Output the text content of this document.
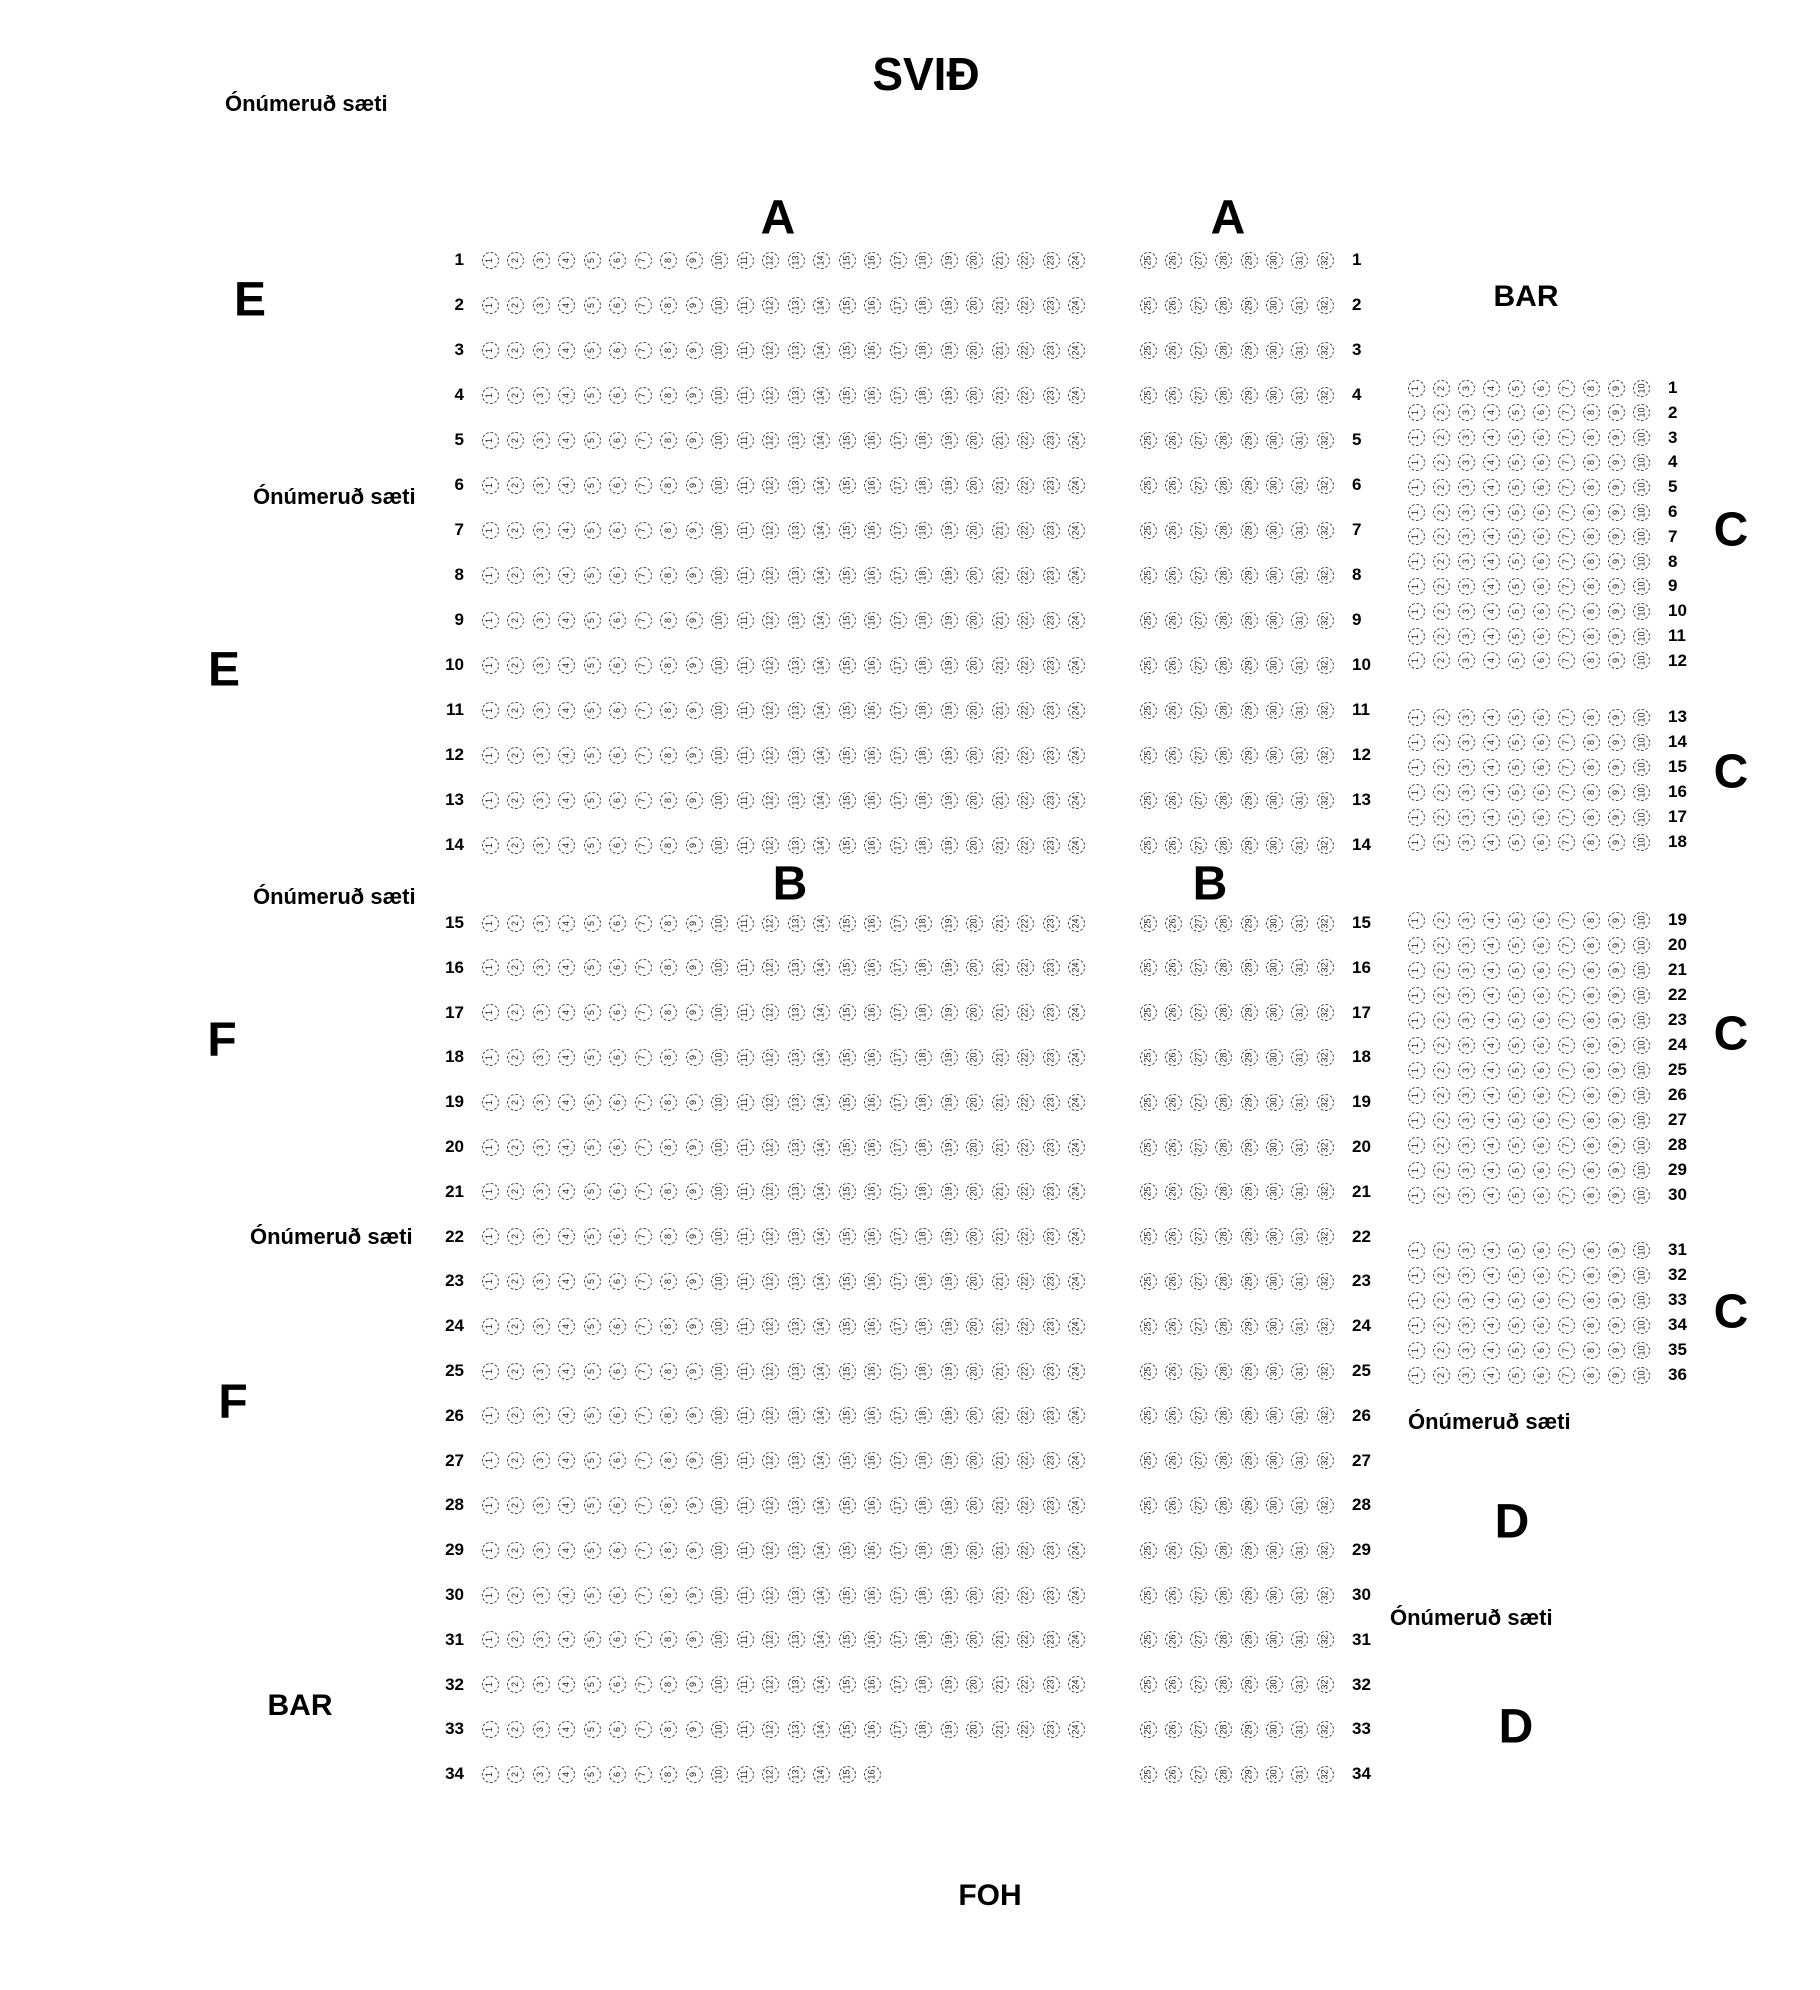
SVIÐ
FOH
BAR
BAR
Ónúmeruð sæti
Ónúmeruð sæti
Ónúmeruð sæti
Ónúmeruð sæti
Ónúmeruð sæti
Ónúmeruð sæti
A	A
B	B
C
C
C
C
D
D
E
E
F
F
1 1 2 3 4 5 6 7 8 9 10 11 12 13 14 15 16 17 18 19 20 21 22 23 24	25 26 27 28 29 30 31 32 1
2 1 2 3 4 5 6 7 8 9 10 11 12 13 14 15 16 17 18 19 20 21 22 23 24	25 26 27 28 29 30 31 32 2
3 1 2 3 4 5 6 7 8 9 10 11 12 13 14 15 16 17 18 19 20 21 22 23 24	25 26 27 28 29 30 31 32 3
4 1 2 3 4 5 6 7 8 9 10 11 12 13 14 15 16 17 18 19 20 21 22 23 24	25 26 27 28 29 30 31 32 4
5 1 2 3 4 5 6 7 8 9 10 11 12 13 14 15 16 17 18 19 20 21 22 23 24	25 26 27 28 29 30 31 32 5
6 1 2 3 4 5 6 7 8 9 10 11 12 13 14 15 16 17 18 19 20 21 22 23 24	25 26 27 28 29 30 31 32 6
7 1 2 3 4 5 6 7 8 9 10 11 12 13 14 15 16 17 18 19 20 21 22 23 24	25 26 27 28 29 30 31 32 7
8 1 2 3 4 5 6 7 8 9 10 11 12 13 14 15 16 17 18 19 20 21 22 23 24	25 26 27 28 29 30 31 32 8
9 1 2 3 4 5 6 7 8 9 10 11 12 13 14 15 16 17 18 19 20 21 22 23 24	25 26 27 28 29 30 31 32 9
10 1 2 3 4 5 6 7 8 9 10 11 12 13 14 15 16 17 18 19 20 21 22 23 24	25 26 27 28 29 30 31 32 10
11 1 2 3 4 5 6 7 8 9 10 11 12 13 14 15 16 17 18 19 20 21 22 23 24	25 26 27 28 29 30 31 32 11
12 1 2 3 4 5 6 7 8 9 10 11 12 13 14 15 16 17 18 19 20 21 22 23 24	25 26 27 28 29 30 31 32 12
13 1 2 3 4 5 6 7 8 9 10 11 12 13 14 15 16 17 18 19 20 21 22 23 24	25 26 27 28 29 30 31 32 13
14 1 2 3 4 5 6 7 8 9 10 11 12 13 14 15 16 17 18 19 20 21 22 23 24	25 26 27 28 29 30 31 32 14
15 1 2 3 4 5 6 7 8 9 10 11 12 13 14 15 16 17 18 19 20 21 22 23 24	25 26 27 28 29 30 31 32 15
16 1 2 3 4 5 6 7 8 9 10 11 12 13 14 15 16 17 18 19 20 21 22 23 24	25 26 27 28 29 30 31 32 16
17 1 2 3 4 5 6 7 8 9 10 11 12 13 14 15 16 17 18 19 20 21 22 23 24	25 26 27 28 29 30 31 32 17
18 1 2 3 4 5 6 7 8 9 10 11 12 13 14 15 16 17 18 19 20 21 22 23 24	25 26 27 28 29 30 31 32 18
19 1 2 3 4 5 6 7 8 9 10 11 12 13 14 15 16 17 18 19 20 21 22 23 24	25 26 27 28 29 30 31 32 19
20 1 2 3 4 5 6 7 8 9 10 11 12 13 14 15 16 17 18 19 20 21 22 23 24	25 26 27 28 29 30 31 32 20
21 1 2 3 4 5 6 7 8 9 10 11 12 13 14 15 16 17 18 19 20 21 22 23 24	25 26 27 28 29 30 31 32 21
22 1 2 3 4 5 6 7 8 9 10 11 12 13 14 15 16 17 18 19 20 21 22 23 24	25 26 27 28 29 30 31 32 22
23 1 2 3 4 5 6 7 8 9 10 11 12 13 14 15 16 17 18 19 20 21 22 23 24	25 26 27 28 29 30 31 32 23
24 1 2 3 4 5 6 7 8 9 10 11 12 13 14 15 16 17 18 19 20 21 22 23 24	25 26 27 28 29 30 31 32 24
25 1 2 3 4 5 6 7 8 9 10 11 12 13 14 15 16 17 18 19 20 21 22 23 24	25 26 27 28 29 30 31 32 25
26 1 2 3 4 5 6 7 8 9 10 11 12 13 14 15 16 17 18 19 20 21 22 23 24	25 26 27 28 29 30 31 32 26
27 1 2 3 4 5 6 7 8 9 10 11 12 13 14 15 16 17 18 19 20 21 22 23 24	25 26 27 28 29 30 31 32 27
28 1 2 3 4 5 6 7 8 9 10 11 12 13 14 15 16 17 18 19 20 21 22 23 24	25 26 27 28 29 30 31 32 28
29 1 2 3 4 5 6 7 8 9 10 11 12 13 14 15 16 17 18 19 20 21 22 23 24	25 26 27 28 29 30 31 32 29
30 1 2 3 4 5 6 7 8 9 10 11 12 13 14 15 16 17 18 19 20 21 22 23 24	25 26 27 28 29 30 31 32 30
31 1 2 3 4 5 6 7 8 9 10 11 12 13 14 15 16 17 18 19 20 21 22 23 24	25 26 27 28 29 30 31 32 31
32 1 2 3 4 5 6 7 8 9 10 11 12 13 14 15 16 17 18 19 20 21 22 23 24	25 26 27 28 29 30 31 32 32
33 1 2 3 4 5 6 7 8 9 10 11 12 13 14 15 16 17 18 19 20 21 22 23 24	25 26 27 28 29 30 31 32 33
34 1 2 3 4 5 6 7 8 9 10 11 12 13 14 15 16	25 26 27 28 29 30 31 32 34
1 2 3 4 5 6 7 8 9 10 1
1 2 3 4 5 6 7 8 9 10 2
1 2 3 4 5 6 7 8 9 10 3
1 2 3 4 5 6 7 8 9 10 4
1 2 3 4 5 6 7 8 9 10 5
1 2 3 4 5 6 7 8 9 10 6
1 2 3 4 5 6 7 8 9 10 7
1 2 3 4 5 6 7 8 9 10 8
1 2 3 4 5 6 7 8 9 10 9
1 2 3 4 5 6 7 8 9 10 10
1 2 3 4 5 6 7 8 9 10 11
1 2 3 4 5 6 7 8 9 10 12
1 2 3 4 5 6 7 8 9 10 13
1 2 3 4 5 6 7 8 9 10 14
1 2 3 4 5 6 7 8 9 10 15
1 2 3 4 5 6 7 8 9 10 16
1 2 3 4 5 6 7 8 9 10 17
1 2 3 4 5 6 7 8 9 10 18
1 2 3 4 5 6 7 8 9 10 19
1 2 3 4 5 6 7 8 9 10 20
1 2 3 4 5 6 7 8 9 10 21
1 2 3 4 5 6 7 8 9 10 22
1 2 3 4 5 6 7 8 9 10 23
1 2 3 4 5 6 7 8 9 10 24
1 2 3 4 5 6 7 8 9 10 25
1 2 3 4 5 6 7 8 9 10 26
1 2 3 4 5 6 7 8 9 10 27
1 2 3 4 5 6 7 8 9 10 28
1 2 3 4 5 6 7 8 9 10 29
1 2 3 4 5 6 7 8 9 10 30
1 2 3 4 5 6 7 8 9 10 31
1 2 3 4 5 6 7 8 9 10 32
1 2 3 4 5 6 7 8 9 10 33
1 2 3 4 5 6 7 8 9 10 34
1 2 3 4 5 6 7 8 9 10 35
1 2 3 4 5 6 7 8 9 10 36
